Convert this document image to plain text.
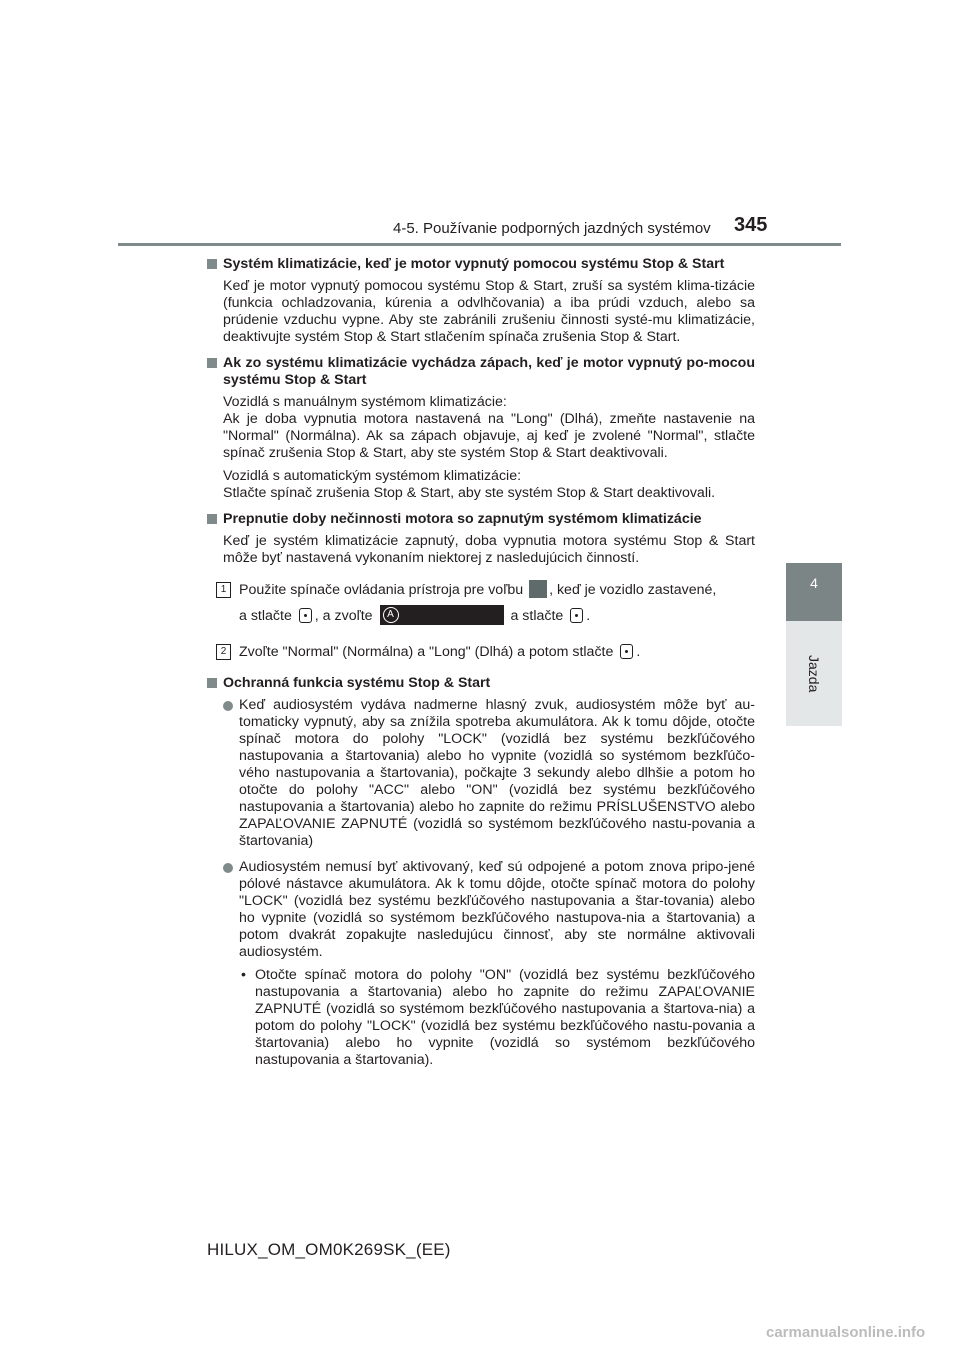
4-5. Používanie podporných jazdných systémov 345
4
Jazda
Systém klimatizácie, keď je motor vypnutý pomocou systému Stop & Start

Keď je motor vypnutý pomocou systému Stop & Start, zruší sa systém klima-tizácie (funkcia ochladzovania, kúrenia a odvlhčovania) a iba prúdi vzduch, alebo sa prúdenie vzduchu vypne. Aby ste zabránili zrušeniu činnosti systé-mu klimatizácie, deaktivujte systém Stop & Start stlačením spínača zrušenia Stop & Start.

Ak zo systému klimatizácie vychádza zápach, keď je motor vypnutý po-mocou systému Stop & Start

Vozidlá s manuálnym systémom klimatizácie:

Ak je doba vypnutia motora nastavená na "Long" (Dlhá), zmeňte nastavenie na "Normal" (Normálna). Ak sa zápach objavuje, aj keď je zvolené "Normal", stlačte spínač zrušenia Stop & Start, aby ste systém Stop & Start deaktivovali.

Vozidlá s automatickým systémom klimatizácie:

Stlačte spínač zrušenia Stop & Start, aby ste systém Stop & Start deaktivovali.

Prepnutie doby nečinnosti motora so zapnutým systémom klimatizácie

Keď je systém klimatizácie zapnutý, doba vypnutia motora systému Stop & Start môže byť nastavená vykonaním niektorej z nasledujúcich činností.

1 Použite spínače ovládania prístroja pre voľbu , keď je vozidlo zastavené,
a stlačte , a zvoľte	A	a stlačte .
2 Zvoľte "Normal" (Normálna) a "Long" (Dlhá) a potom stlačte .
Ochranná funkcia systému Stop & Start
Keď audiosystém vydáva nadmerne hlasný zvuk, audiosystém môže byť au-tomaticky vypnutý, aby sa znížila spotreba akumulátora. Ak k tomu dôjde, otočte spínač motora do polohy "LOCK" (vozidlá bez systému bezkľúčového nastupovania a štartovania) alebo ho vypnite (vozidlá so systémom bezkľúčo-vého nastupovania a štartovania), počkajte 3 sekundy alebo dlhšie a potom ho otočte do polohy "ACC" alebo "ON" (vozidlá bez systému bezkľúčového nastupovania a štartovania) alebo ho zapnite do režimu PRÍSLUŠENSTVO alebo ZAPAĽOVANIE ZAPNUTÉ (vozidlá so systémom bezkľúčového nastu-povania a štartovania)
Audiosystém nemusí byť aktivovaný, keď sú odpojené a potom znova pripo-jené pólové nástavce akumulátora. Ak k tomu dôjde, otočte spínač motora do polohy "LOCK" (vozidlá bez systému bezkľúčového nastupovania a štar-tovania) alebo ho vypnite (vozidlá so systémom bezkľúčového nastupova-nia a štartovania) a potom dvakrát zopakujte nasledujúcu činnosť, aby ste normálne aktivovali audiosystém.
• Otočte spínač motora do polohy "ON" (vozidlá bez systému bezkľúčového nastupovania a štartovania) alebo ho zapnite do režimu ZAPAĽOVANIE ZAPNUTÉ (vozidlá so systémom bezkľúčového nastupovania a štartova-nia) a potom do polohy "LOCK" (vozidlá bez systému bezkľúčového nastu-povania a štartovania) alebo ho vypnite (vozidlá so systémom bezkľúčového nastupovania a štartovania).
HILUX_OM_OM0K269SK_(EE)
carmanualsonline.info
